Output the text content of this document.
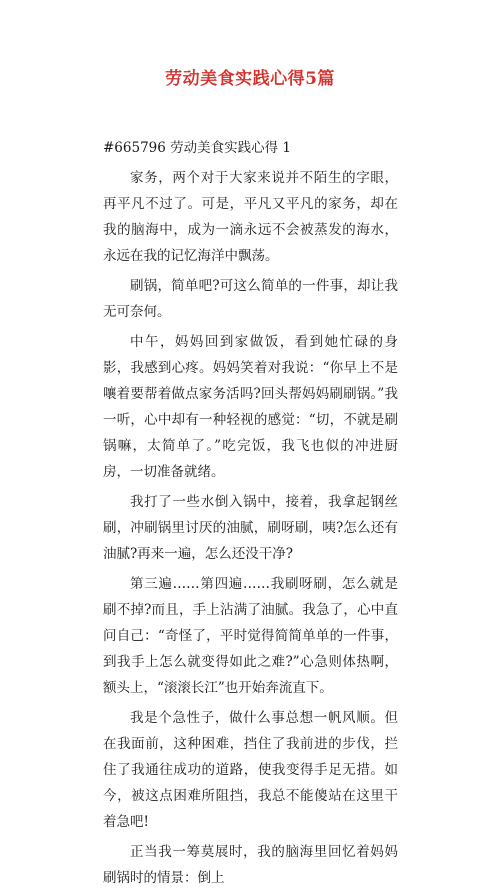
劳动美食实践心得5篇

#665796 劳动美食实践心得 1

家务，两个对于大家来说并不陌生的字眼，再平凡不过了。可是，平凡又平凡的家务，却在我的脑海中，成为一滴永远不会被蒸发的海水，永远在我的记忆海洋中飘荡。

刷锅，简单吧?可这么简单的一件事，却让我无可奈何。

中午，妈妈回到家做饭，看到她忙碌的身影，我感到心疼。妈妈笑着对我说：“你早上不是嚷着要帮着做点家务活吗?回头帮妈妈刷刷锅。”我一听，心中却有一种轻视的感觉：“切，不就是刷锅嘛，太简单了。”吃完饭，我飞也似的冲进厨房，一切准备就绪。

我打了一些水倒入锅中，接着，我拿起钢丝刷，冲刷锅里讨厌的油腻，刷呀刷，咦?怎么还有油腻?再来一遍，怎么还没干净?

第三遍……第四遍……我刷呀刷，怎么就是刷不掉?而且，手上沾满了油腻。我急了，心中直问自己：“奇怪了，平时觉得简简单单的一件事，到我手上怎么就变得如此之难?”心急则体热啊，额头上，“滚滚长江”也开始奔流直下。

我是个急性子，做什么事总想一帆风顺。但在我面前，这种困难，挡住了我前进的步伐，拦住了我通往成功的道路，使我变得手足无措。如今，被这点困难所阻挡，我总不能傻站在这里干着急吧!

正当我一筹莫展时，我的脑海里回忆着妈妈刷锅时的情景：倒上
